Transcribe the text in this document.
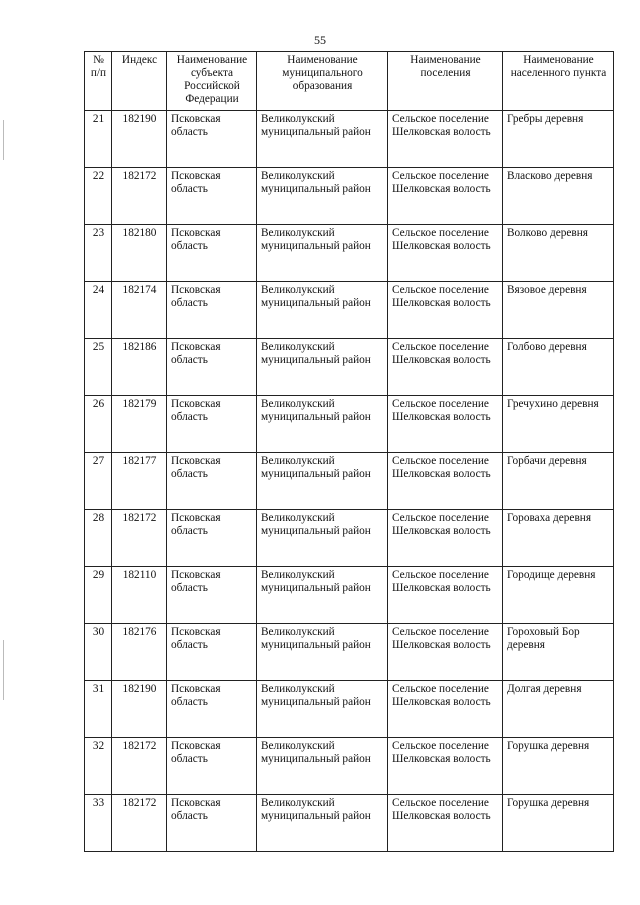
55
№ п/п	Индекс	Наименование субъекта Российской Федерации	Наименование муниципального образования	Наименование поселения	Наименование населенного пункта
21	182190	Псковская область	Великолукский муниципальный район	Сельское поселение Шелковская волость	Гребры деревня
22	182172	Псковская область	Великолукский муниципальный район	Сельское поселение Шелковская волость	Власково деревня
23	182180	Псковская область	Великолукский муниципальный район	Сельское поселение Шелковская волость	Волково деревня
24	182174	Псковская область	Великолукский муниципальный район	Сельское поселение Шелковская волость	Вязовое деревня
25	182186	Псковская область	Великолукский муниципальный район	Сельское поселение Шелковская волость	Голбово деревня
26	182179	Псковская область	Великолукский муниципальный район	Сельское поселение Шелковская волость	Гречухино деревня
27	182177	Псковская область	Великолукский муниципальный район	Сельское поселение Шелковская волость	Горбачи деревня
28	182172	Псковская область	Великолукский муниципальный район	Сельское поселение Шелковская волость	Гороваха деревня
29	182110	Псковская область	Великолукский муниципальный район	Сельское поселение Шелковская волость	Городище деревня
30	182176	Псковская область	Великолукский муниципальный район	Сельское поселение Шелковская волость	Гороховый Бор деревня
31	182190	Псковская область	Великолукский муниципальный район	Сельское поселение Шелковская волость	Долгая деревня
32	182172	Псковская область	Великолукский муниципальный район	Сельское поселение Шелковская волость	Горушка деревня
33	182172	Псковская область	Великолукский муниципальный район	Сельское поселение Шелковская волость	Горушка деревня
